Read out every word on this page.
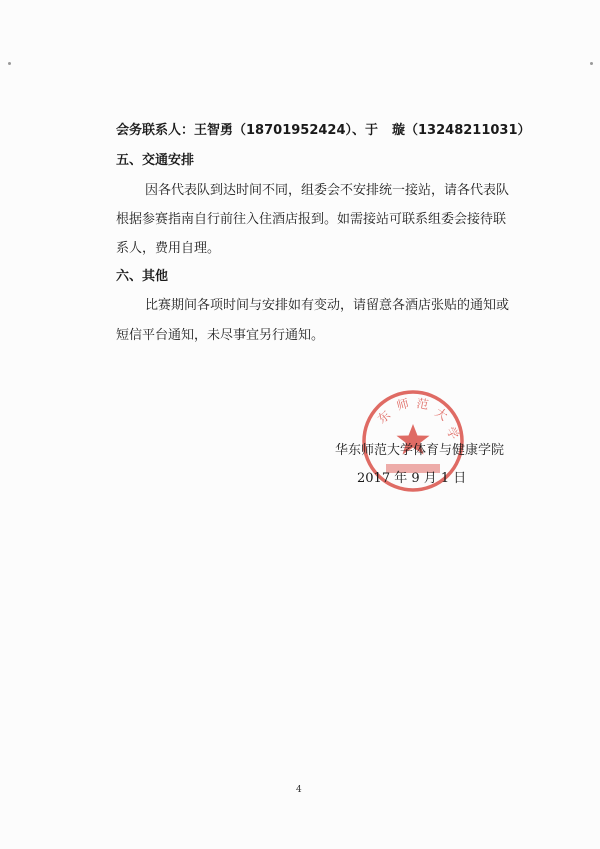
会务联系人：王智勇（18701952424）、于 璇（13248211031）
五、交通安排
因各代表队到达时间不同，组委会不安排统一接站，请各代表队
根据参赛指南自行前往入住酒店报到。如需接站可联系组委会接待联
系人，费用自理。
六、其他
比赛期间各项时间与安排如有变动，请留意各酒店张贴的通知或
短信平台通知，未尽事宜另行通知。
东
师 范
大
学
华东师范大学体育与健康学院
2017 年 9 月 1 日
4
